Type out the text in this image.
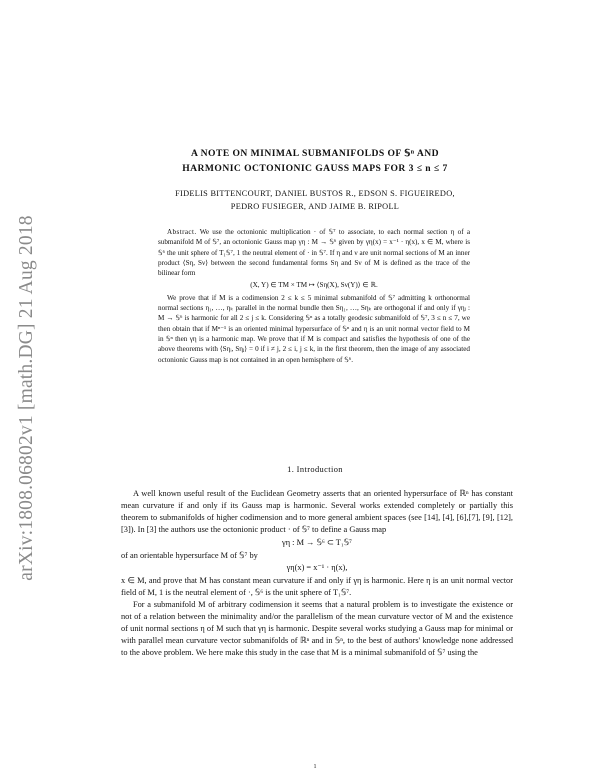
arXiv:1808.06802v1 [math.DG] 21 Aug 2018
A NOTE ON MINIMAL SUBMANIFOLDS OF 𝕊ⁿ AND
HARMONIC OCTONIONIC GAUSS MAPS FOR 3 ≤ n ≤ 7
FIDELIS BITTENCOURT, DANIEL BUSTOS R., EDSON S. FIGUEIREDO,
PEDRO FUSIEGER, AND JAIME B. RIPOLL

Abstract. We use the octonionic multiplication · of 𝕊⁷ to associate, to each normal section η of a submanifold M of 𝕊⁷, an octonionic Gauss map γη : M → 𝕊⁶ given by γη(x) = x⁻¹ · η(x), x ∈ M, where is 𝕊⁶ the unit sphere of T₁𝕊⁷, 1 the neutral element of · in 𝕊⁷. If η and ν are unit normal sections of M an inner product ⟨Sη, Sν⟩ between the second fundamental forms Sη and Sν of M is defined as the trace of the bilinear form

(X, Y) ∈ TM × TM ↦ ⟨Sη(X), Sν(Y)⟩ ∈ ℝ.

We prove that if M is a codimension 2 ≤ k ≤ 5 minimal submanifold of 𝕊⁷ admitting k orthonormal normal sections η₁, …, ηₖ parallel in the normal bundle then Sη₁, …, Sηₖ are orthogonal if and only if γηⱼ : M → 𝕊⁶ is harmonic for all 2 ≤ j ≤ k. Considering 𝕊ⁿ as a totally geodesic submanifold of 𝕊⁷, 3 ≤ n ≤ 7, we then obtain that if Mⁿ⁻¹ is an oriented minimal hypersurface of 𝕊ⁿ and η is an unit normal vector field to M in 𝕊ⁿ then γη is a harmonic map. We prove that if M is compact and satisfies the hypothesis of one of the above theorems with ⟨Sηᵢ, Sηⱼ⟩ = 0 if i ≠ j, 2 ≤ i, j ≤ k, in the first theorem, then the image of any associated octonionic Gauss map is not contained in an open hemisphere of 𝕊⁶.

1. Introduction

A well known useful result of the Euclidean Geometry asserts that an oriented hypersurface of ℝⁿ has constant mean curvature if and only if its Gauss map is harmonic. Several works extended completely or partially this theorem to submanifolds of higher codimension and to more general ambient spaces (see [14], [4], [6],[7], [9], [12], [3]). In [3] the authors use the octonionic product · of 𝕊⁷ to define a Gauss map

γη : M → 𝕊⁶ ⊂ T₁𝕊⁷

of an orientable hypersurface M of 𝕊⁷ by

γη(x) = x⁻¹ · η(x),

x ∈ M, and prove that M has constant mean curvature if and only if γη is harmonic. Here η is an unit normal vector field of M, 1 is the neutral element of ·, 𝕊⁶ is the unit sphere of T₁𝕊⁷.

For a submanifold M of arbitrary codimension it seems that a natural problem is to investigate the existence or not of a relation between the minimality and/or the parallelism of the mean curvature vector of M and the existence of unit normal sections η of M such that γη is harmonic. Despite several works studying a Gauss map for minimal or with parallel mean curvature vector submanifolds of ℝⁿ and in 𝕊ⁿ, to the best of authors' knowledge none addressed to the above problem. We here make this study in the case that M is a minimal submanifold of 𝕊⁷ using the

1
